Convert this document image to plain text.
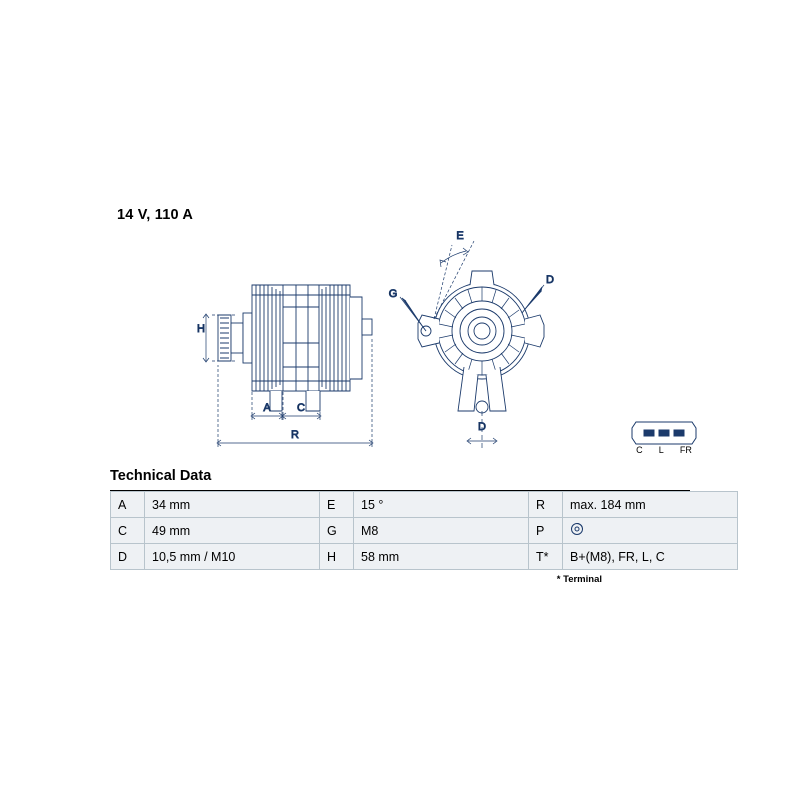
14 V, 110 A
H
A C
R
E
G
D
D
C L FR
Technical Data
A	34 mm	E	15 °	R	max. 184 mm
C	49 mm	G	M8	P	
D	10,5 mm / M10	H	58 mm	T*	B+(M8), FR, L, C
* Terminal
